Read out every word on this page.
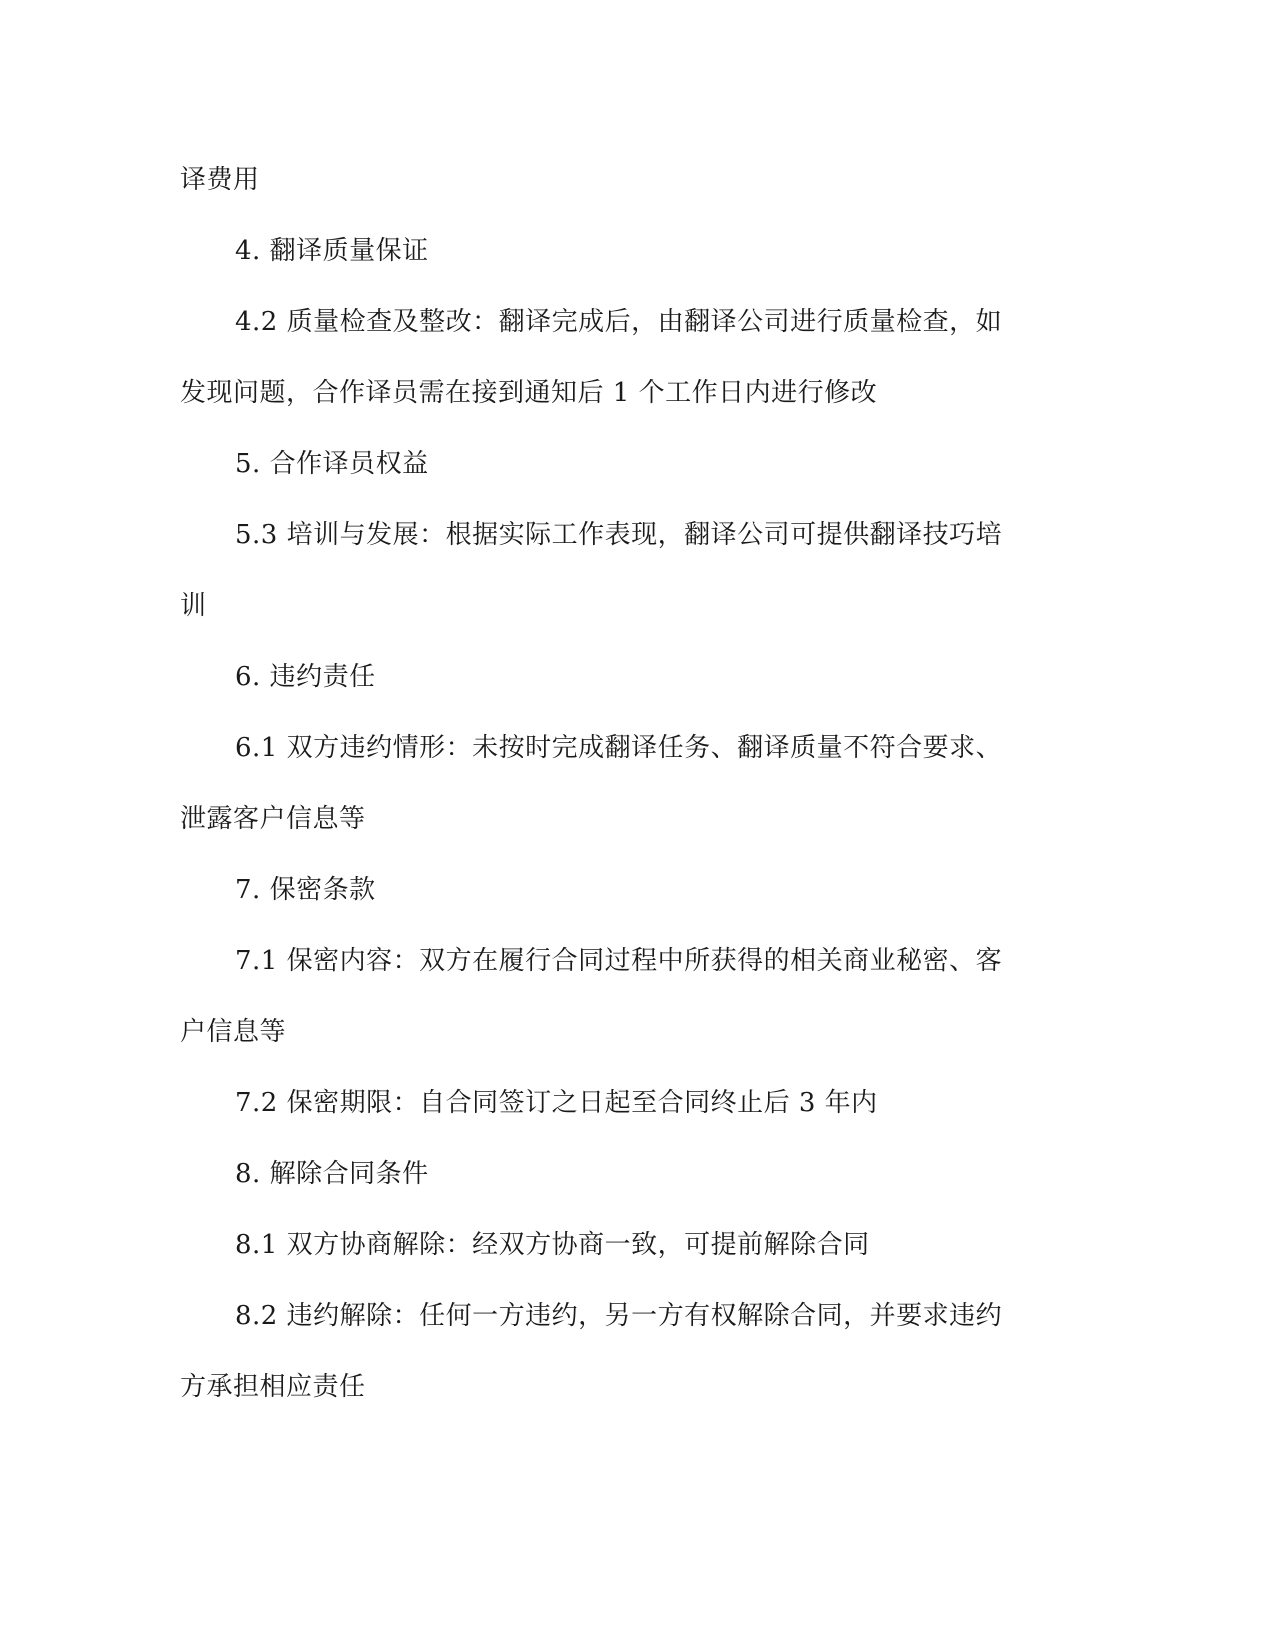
译费用
4. 翻译质量保证
4.2 质量检查及整改：翻译完成后，由翻译公司进行质量检查，如
发现问题，合作译员需在接到通知后 1 个工作日内进行修改
5. 合作译员权益
5.3 培训与发展：根据实际工作表现，翻译公司可提供翻译技巧培
训
6. 违约责任
6.1 双方违约情形：未按时完成翻译任务、翻译质量不符合要求、
泄露客户信息等
7. 保密条款
7.1 保密内容：双方在履行合同过程中所获得的相关商业秘密、客
户信息等
7.2 保密期限：自合同签订之日起至合同终止后 3 年内
8. 解除合同条件
8.1 双方协商解除：经双方协商一致，可提前解除合同
8.2 违约解除：任何一方违约，另一方有权解除合同，并要求违约
方承担相应责任
